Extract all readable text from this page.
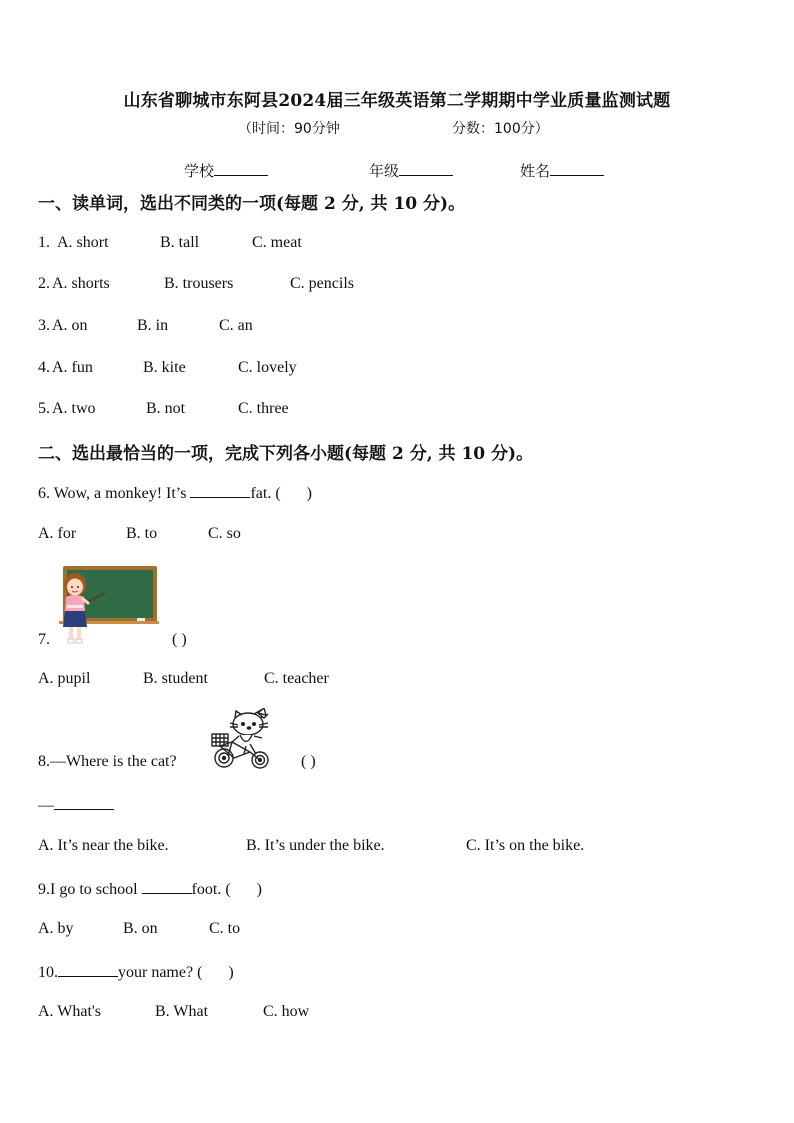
山东省聊城市东阿县2024届三年级英语第二学期期中学业质量监测试题
（时间：90分钟	分数：100分）
学校	年级	姓名
一、读单词，选出不同类的一项(每题 2 分, 共 10 分)。
1. A. short	B. tall	C. meat
2. A. shorts	B. trousers	C. pencils
3. A. on	B. in	C. an
4. A. fun	B. kite	C. lovely
5. A. two	B. not	C. three
二、选出最恰当的一项，完成下列各小题(每题 2 分, 共 10 分)。
6. Wow, a monkey! It’s	fat. ( )
A. for	B. to	C. so
7.	( )
A. pupil	B. student	C. teacher
8.—Where is the cat?	( )
—
A. It’s near the bike.	B. It’s under the bike.	C. It’s on the bike.
9.I go to school	foot. ( )
A. by	B. on	C. to
10.	your name? ( )
A. What's	B. What	C. how
